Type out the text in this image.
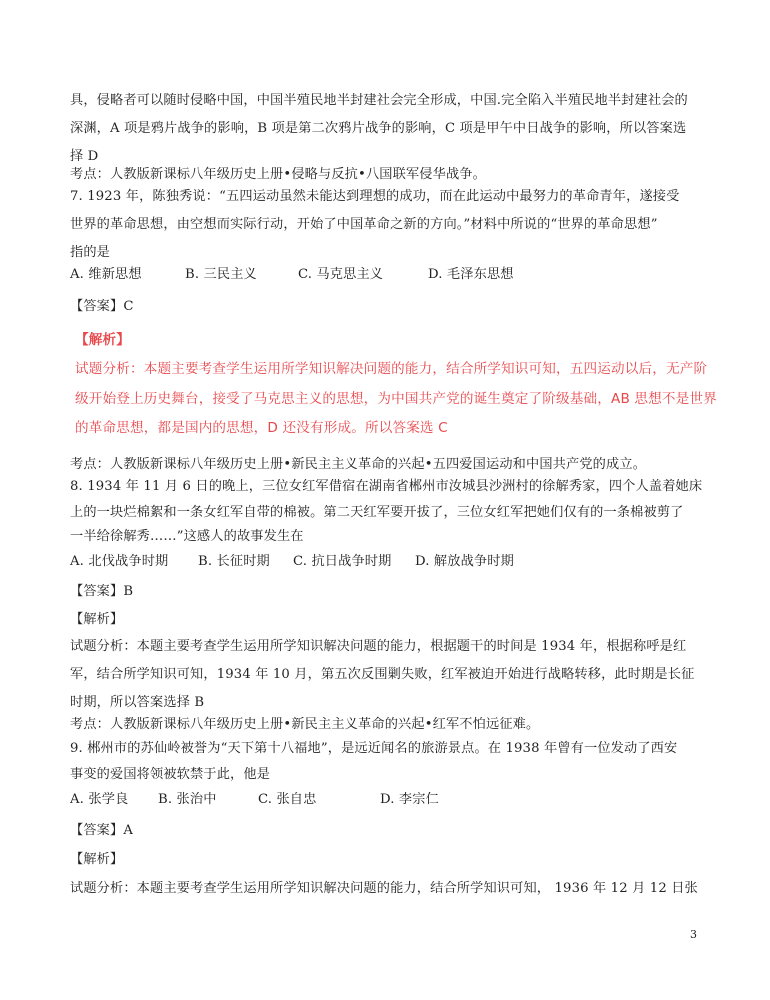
具，侵略者可以随时侵略中国，中国半殖民地半封建社会完全形成，中国.完全陷入半殖民地半封建社会的
深渊，A 项是鸦片战争的影响，B 项是第二次鸦片战争的影响，C 项是甲午中日战争的影响，所以答案选
择 D
考点：人教版新课标八年级历史上册•侵略与反抗•八国联军侵华战争。
7. 1923 年，陈独秀说：“五四运动虽然未能达到理想的成功，而在此运动中最努力的革命青年，遂接受
世界的革命思想，由空想而实际行动，开始了中国革命之新的方向。”材料中所说的“世界的革命思想”
指的是
A. 维新思想	B. 三民主义	C. 马克思主义	D. 毛泽东思想
【答案】C
【解析】
试题分析：本题主要考查学生运用所学知识解决问题的能力，结合所学知识可知，五四运动以后，无产阶
级开始登上历史舞台，接受了马克思主义的思想，为中国共产党的诞生奠定了阶级基础，AB 思想不是世界
的革命思想，都是国内的思想，D 还没有形成。所以答案选 C
考点：人教版新课标八年级历史上册•新民主主义革命的兴起•五四爱国运动和中国共产党的成立。
8. 1934 年 11 月 6 日的晚上，三位女红军借宿在湖南省郴州市汝城县沙洲村的徐解秀家，四个人盖着她床
上的一块烂棉絮和一条女红军自带的棉被。第二天红军要开拔了，三位女红军把她们仅有的一条棉被剪了
一半给徐解秀……”这感人的故事发生在
A. 北伐战争时期 B. 长征时期 C. 抗日战争时期 D. 解放战争时期
【答案】B
【解析】
试题分析：本题主要考查学生运用所学知识解决问题的能力，根据题干的时间是 1934 年，根据称呼是红
军，结合所学知识可知，1934 年 10 月，第五次反围剿失败，红军被迫开始进行战略转移，此时期是长征
时期，所以答案选择 B
考点：人教版新课标八年级历史上册•新民主主义革命的兴起•红军不怕远征难。
9. 郴州市的苏仙岭被誉为“天下第十八福地”，是远近闻名的旅游景点。在 1938 年曾有一位发动了西安
事变的爱国将领被软禁于此，他是
A. 张学良 B. 张治中	C. 张自忠	D. 李宗仁
【答案】A
【解析】
试题分析：本题主要考查学生运用所学知识解决问题的能力，结合所学知识可知， 1936 年 12 月 12 日张
3
